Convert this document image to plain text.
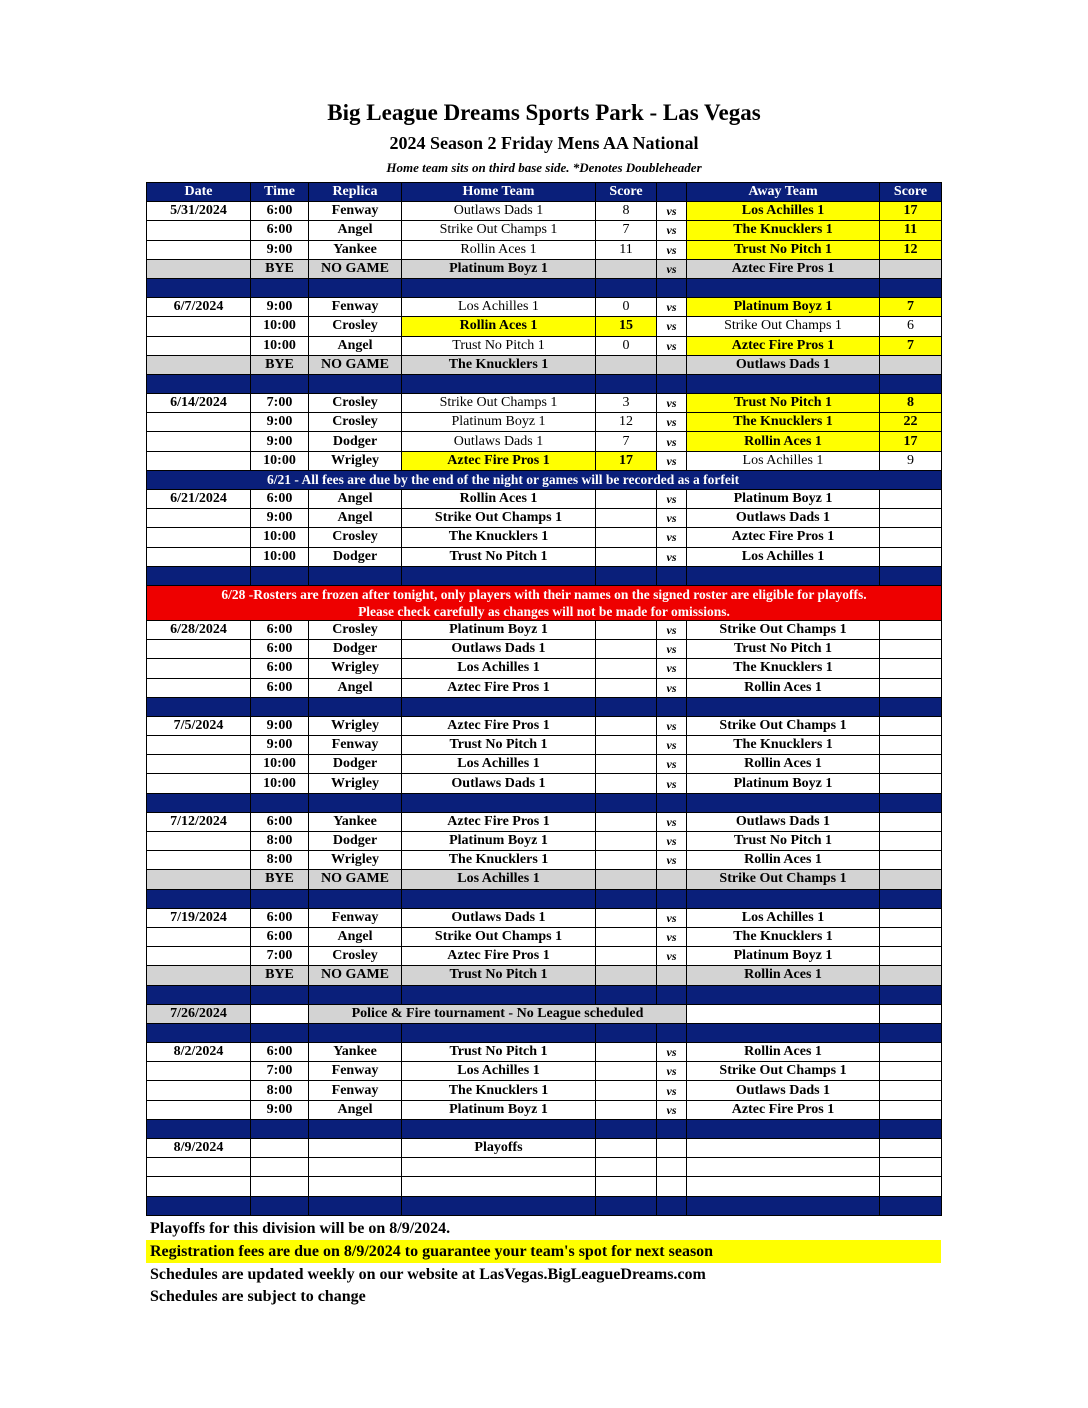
Big League Dreams Sports Park - Las Vegas
2024 Season 2 Friday Mens AA National
Home team sits on third base side. *Denotes Doubleheader
Date	Time	Replica	Home Team	Score		Away Team	Score
5/31/2024	6:00	Fenway	Outlaws Dads 1	8	vs	Los Achilles 1	17
	6:00	Angel	Strike Out Champs 1	7	vs	The Knucklers 1	11
	9:00	Yankee	Rollin Aces 1	11	vs	Trust No Pitch 1	12
	BYE	NO GAME	Platinum Boyz 1		vs	Aztec Fire Pros 1	

6/7/2024	9:00	Fenway	Los Achilles 1	0	vs	Platinum Boyz 1	7
	10:00	Crosley	Rollin Aces 1	15	vs	Strike Out Champs 1	6
	10:00	Angel	Trust No Pitch 1	0	vs	Aztec Fire Pros 1	7
	BYE	NO GAME	The Knucklers 1			Outlaws Dads 1	

6/14/2024	7:00	Crosley	Strike Out Champs 1	3	vs	Trust No Pitch 1	8
	9:00	Crosley	Platinum Boyz 1	12	vs	The Knucklers 1	22
	9:00	Dodger	Outlaws Dads 1	7	vs	Rollin Aces 1	17
	10:00	Wrigley	Aztec Fire Pros 1	17	vs	Los Achilles 1	9
6/21 - All fees are due by the end of the night or games will be recorded as a forfeit							
6/21/2024	6:00	Angel	Rollin Aces 1		vs	Platinum Boyz 1	
	9:00	Angel	Strike Out Champs 1		vs	Outlaws Dads 1	
	10:00	Crosley	The Knucklers 1		vs	Aztec Fire Pros 1	
	10:00	Dodger	Trust No Pitch 1		vs	Los Achilles 1	

6/28 -Rosters are frozen after tonight, only players with their names on the signed roster are eligible for playoffs.
Please check carefully as changes will not be made for omissions.							

6/28/2024	6:00	Crosley	Platinum Boyz 1		vs	Strike Out Champs 1	
	6:00	Dodger	Outlaws Dads 1		vs	Trust No Pitch 1	
	6:00	Wrigley	Los Achilles 1		vs	The Knucklers 1	
	6:00	Angel	Aztec Fire Pros 1		vs	Rollin Aces 1	

7/5/2024	9:00	Wrigley	Aztec Fire Pros 1		vs	Strike Out Champs 1	
	9:00	Fenway	Trust No Pitch 1		vs	The Knucklers 1	
	10:00	Dodger	Los Achilles 1		vs	Rollin Aces 1	
	10:00	Wrigley	Outlaws Dads 1		vs	Platinum Boyz 1	

7/12/2024	6:00	Yankee	Aztec Fire Pros 1		vs	Outlaws Dads 1	
	8:00	Dodger	Platinum Boyz 1		vs	Trust No Pitch 1	
	8:00	Wrigley	The Knucklers 1		vs	Rollin Aces 1	
	BYE	NO GAME	Los Achilles 1			Strike Out Champs 1	

7/19/2024	6:00	Fenway	Outlaws Dads 1		vs	Los Achilles 1	
	6:00	Angel	Strike Out Champs 1		vs	The Knucklers 1	
	7:00	Crosley	Aztec Fire Pros 1		vs	Platinum Boyz 1	
	BYE	NO GAME	Trust No Pitch 1			Rollin Aces 1	

7/26/2024		Police & Fire tournament - No League scheduled					

8/2/2024	6:00	Yankee	Trust No Pitch 1		vs	Rollin Aces 1	
	7:00	Fenway	Los Achilles 1		vs	Strike Out Champs 1	
	8:00	Fenway	The Knucklers 1		vs	Outlaws Dads 1	
	9:00	Angel	Platinum Boyz 1		vs	Aztec Fire Pros 1	

8/9/2024			Playoffs				

Playoffs for this division will be on 8/9/2024.
Registration fees are due on 8/9/2024 to guarantee your team's spot for next season
Schedules are updated weekly on our website at LasVegas.BigLeagueDreams.com
Schedules are subject to change
